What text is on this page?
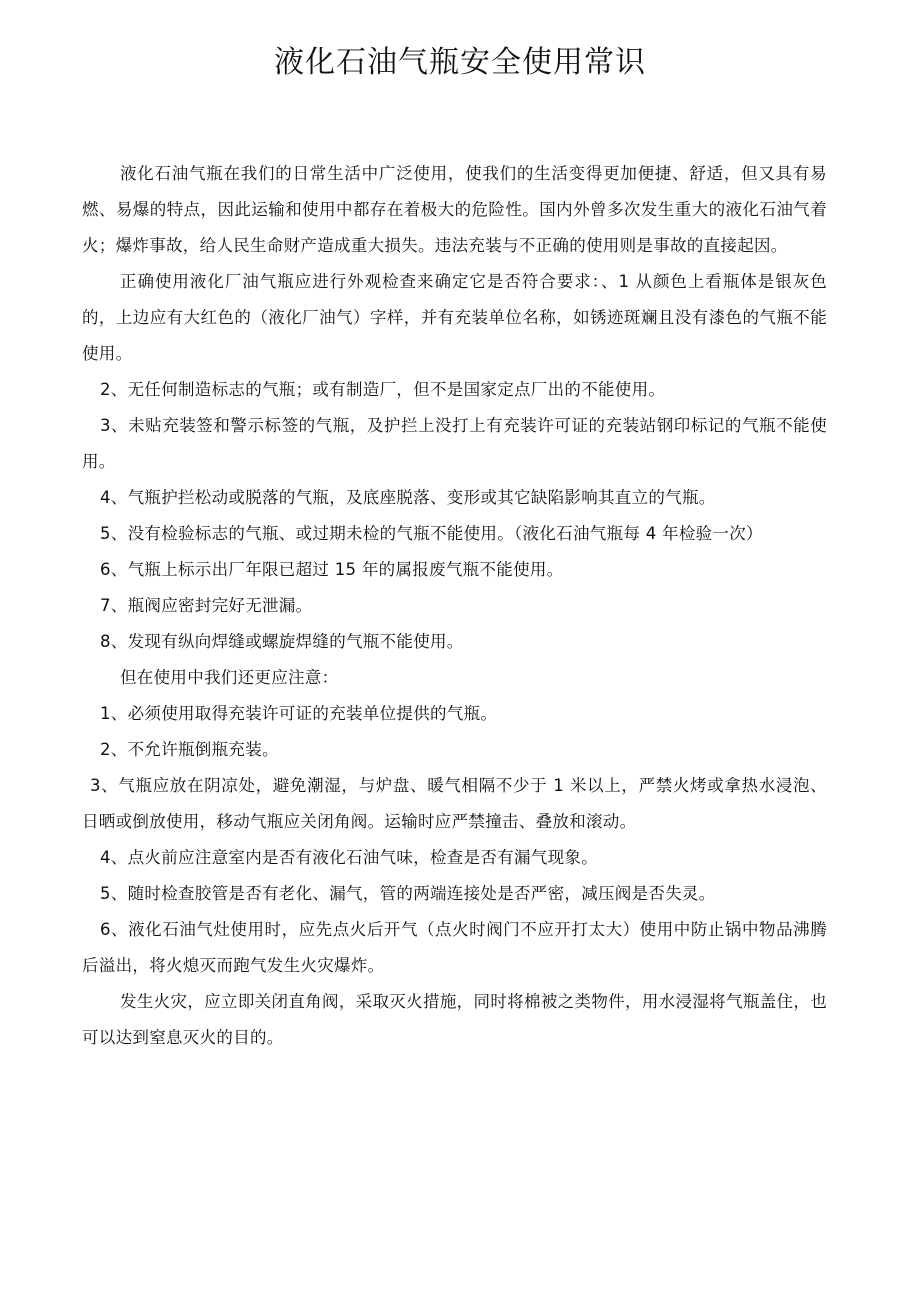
液化石油气瓶安全使用常识

液化石油气瓶在我们的日常生活中广泛使用，使我们的生活变得更加便捷、舒适，但又具有易燃、易爆的特点，因此运输和使用中都存在着极大的危险性。国内外曾多次发生重大的液化石油气着火；爆炸事故，给人民生命财产造成重大损失。违法充装与不正确的使用则是事故的直接起因。

正确使用液化厂油气瓶应进行外观检查来确定它是否符合要求：、1 从颜色上看瓶体是银灰色的，上边应有大红色的（液化厂油气）字样，并有充装单位名称，如锈迹斑斓且没有漆色的气瓶不能使用。

2、无任何制造标志的气瓶；或有制造厂，但不是国家定点厂出的不能使用。

3、未贴充装签和警示标签的气瓶，及护拦上没打上有充装许可证的充装站钢印标记的气瓶不能使用。

4、气瓶护拦松动或脱落的气瓶，及底座脱落、变形或其它缺陷影响其直立的气瓶。

5、没有检验标志的气瓶、或过期未检的气瓶不能使用。（液化石油气瓶每 4 年检验一次）

6、气瓶上标示出厂年限已超过 15 年的属报废气瓶不能使用。

7、瓶阀应密封完好无泄漏。

8、发现有纵向焊缝或螺旋焊缝的气瓶不能使用。

但在使用中我们还更应注意：

1、必须使用取得充装许可证的充装单位提供的气瓶。

2、不允许瓶倒瓶充装。

3、气瓶应放在阴凉处，避免潮湿，与炉盘、暖气相隔不少于 1 米以上，严禁火烤或拿热水浸泡、日晒或倒放使用，移动气瓶应关闭角阀。运输时应严禁撞击、叠放和滚动。

4、点火前应注意室内是否有液化石油气味，检查是否有漏气现象。

5、随时检查胶管是否有老化、漏气，管的两端连接处是否严密，减压阀是否失灵。

6、液化石油气灶使用时，应先点火后开气（点火时阀门不应开打太大）使用中防止锅中物品沸腾后溢出，将火熄灭而跑气发生火灾爆炸。

发生火灾，应立即关闭直角阀，采取灭火措施，同时将棉被之类物件，用水浸湿将气瓶盖住，也可以达到窒息灭火的目的。
